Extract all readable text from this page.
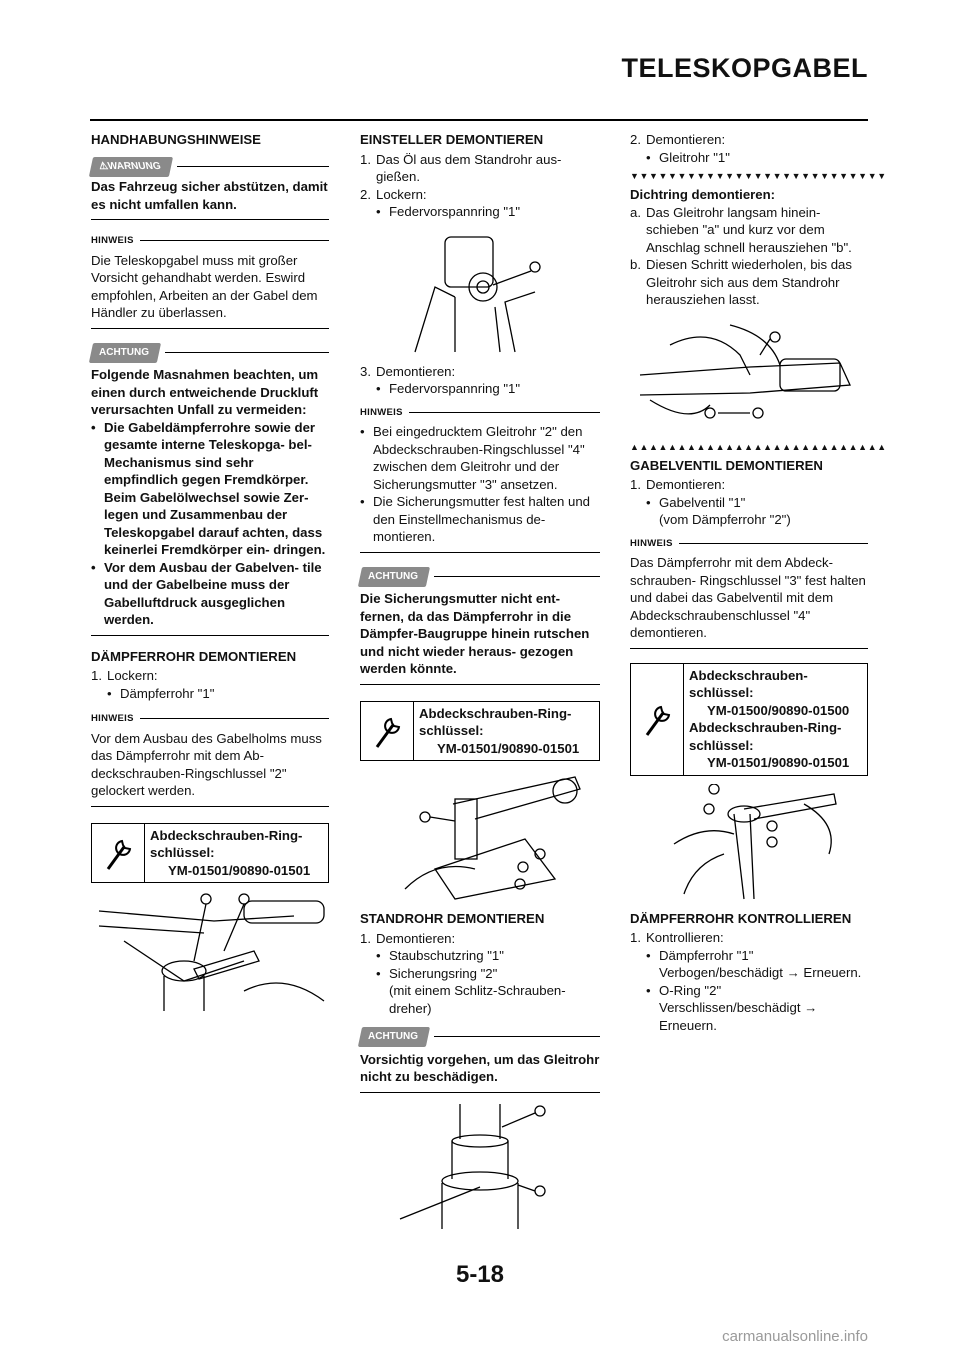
TELESKOPGABEL

HANDHABUNGSHINWEISE

⚠WARNUNG

Das Fahrzeug sicher abstützen, damit es nicht umfallen kann.

HINWEIS

Die Teleskopgabel muss mit großer Vorsicht gehandhabt werden. Eswird empfohlen, Arbeiten an der Gabel dem Händler zu überlassen.

ACHTUNG

Folgende Masnahmen beachten, um einen durch entweichende Druckluft verursachten Unfall zu vermeiden:

• Die Gabeldämpferrohre sowie der gesamte interne Teleskopga- bel- Mechanismus sind sehr empfindlich gegen Fremdkörper. Beim Gabelölwechsel sowie Zer- legen und Zusammenbau der Teleskopgabel darauf achten, dass keinerlei Fremdkörper ein- dringen.
• Vor dem Ausbau der Gabelven- tile und der Gabelbeine muss der Gabelluftdruck ausgeglichen werden.

DÄMPFERROHR DEMONTIEREN

1. Lockern:
• Dämpferrohr "1"
HINWEIS

Vor dem Ausbau des Gabelholms muss das Dämpferrohr mit dem Ab- deckschrauben-Ringschlussel "2" gelockert werden.

Abdeckschrauben-Ring- schlüssel:
YM-01501/90890-01501

EINSTELLER DEMONTIEREN

1. Das Öl aus dem Standrohr aus- gießen.
2. Lockern:
• Federvorspannring "1"
3. Demontieren:
• Federvorspannring "1"
HINWEIS
• Bei eingedrucktem Gleitrohr "2" den Abdeckschrauben-Ringschlussel "4" zwischen dem Gleitrohr und der Sicherungsmutter "3" ansetzen.
• Die Sicherungsmutter fest halten und den Einstellmechanismus de- montieren.
ACHTUNG

Die Sicherungsmutter nicht ent- fernen, da das Dämpferrohr in die Dämpfer-Baugruppe hinein rutschen und nicht wieder heraus- gezogen werden könnte.

Abdeckschrauben-Ring- schlüssel:
YM-01501/90890-01501

STANDROHR DEMONTIEREN

1. Demontieren:
• Staubschutzring "1"
• Sicherungsring "2"
(mit einem Schlitz-Schrauben- dreher)
ACHTUNG

Vorsichtig vorgehen, um das Gleitrohr nicht zu beschädigen.

2. Demontieren:
• Gleitrohr "1"
▼▼▼▼▼▼▼▼▼▼▼▼▼▼▼▼▼▼▼▼▼▼▼▼▼▼▼

Dichtring demontieren:

a. Das Gleitrohr langsam hinein- schieben "a" und kurz vor dem Anschlag schnell herausziehen "b".
b. Diesen Schritt wiederholen, bis das Gleitrohr sich aus dem Standrohr herausziehen lasst.
▲▲▲▲▲▲▲▲▲▲▲▲▲▲▲▲▲▲▲▲▲▲▲▲▲▲▲

GABELVENTIL DEMONTIEREN

1. Demontieren:
• Gabelventil "1"
(vom Dämpferrohr "2")
HINWEIS

Das Dämpferrohr mit dem Abdeck- schrauben- Ringschlussel "3" fest halten und dabei das Gabelventil mit dem Abdeckschraubenschlussel "4" demontieren.

Abdeckschrauben- schlüssel:
YM-01500/90890-01500
Abdeckschrauben-Ring- schlüssel:
YM-01501/90890-01501

DÄMPFERROHR KONTROLLIEREN

1. Kontrollieren:
• Dämpferrohr "1"
Verbogen/beschädigt → Erneuern.
• O-Ring "2"
Verschlissen/beschädigt → Erneuern.
5-18
carmanualsonline.info
